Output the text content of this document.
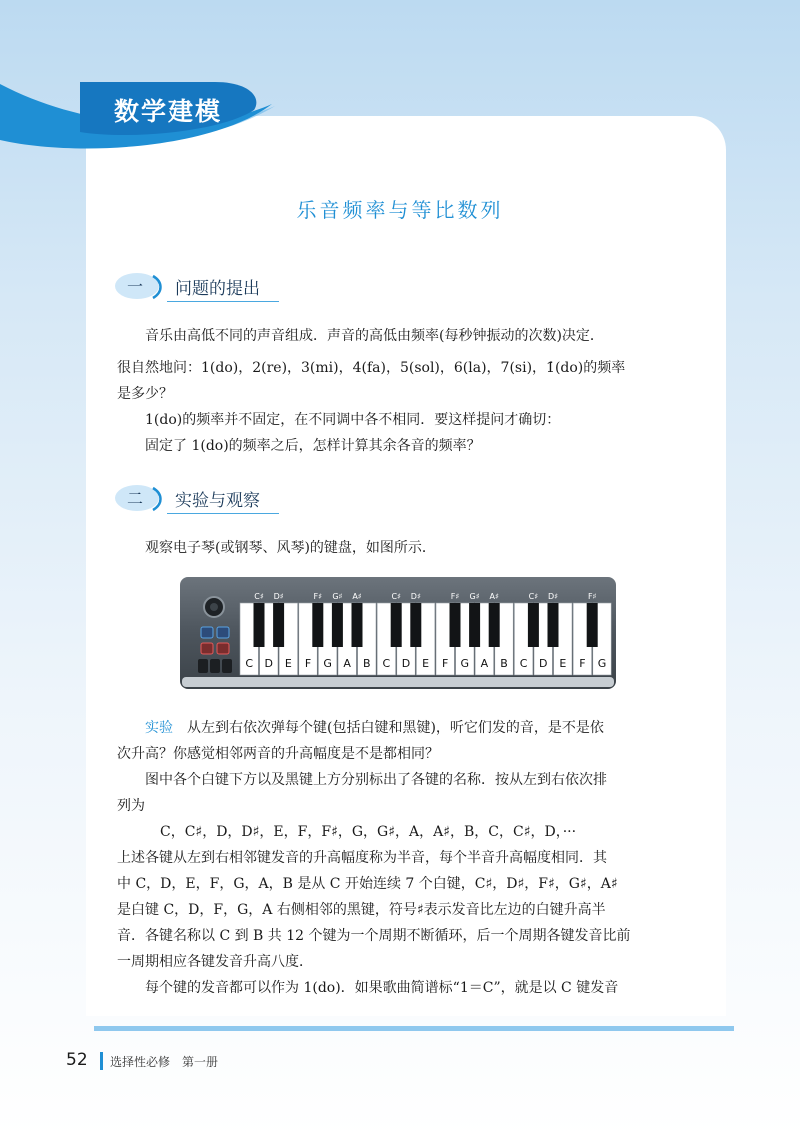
数学建模
乐音频率与等比数列
一	问题的提出

音乐由高低不同的声音组成．声音的高低由频率(每秒钟振动的次数)决定．

很自然地问：1(do)，2(re)，3(mi)，4(fa)，5(sol)，6(la)，7(si)，1̇(do)的频率

是多少？

1(do)的频率并不固定，在不同调中各不相同．要这样提问才确切：

固定了 1(do)的频率之后，怎样计算其余各音的频率？

二	实验与观察

观察电子琴(或钢琴、风琴)的键盘，如图所示．

C D E F G A B C D E F G A B C D E F G
C♯ D♯	F♯ G♯ A♯	C♯ D♯	F♯ G♯ A♯	C♯ D♯	F♯

实验　 从左到右依次弹每个键(包括白键和黑键)，听它们发的音，是不是依

次升高？你感觉相邻两音的升高幅度是不是都相同？

图中各个白键下方以及黑键上方分别标出了各键的名称．按从左到右依次排

列为

C，C♯，D，D♯，E，F，F♯，G，G♯，A，A♯，B，C，C♯，D，···

上述各键从左到右相邻键发音的升高幅度称为半音，每个半音升高幅度相同．其

中 C，D，E，F，G，A，B 是从 C 开始连续 7 个白键，C♯，D♯，F♯，G♯，A♯

是白键 C，D，F，G，A 右侧相邻的黑键，符号♯表示发音比左边的白键升高半

音．各键名称以 C 到 B 共 12 个键为一个周期不断循环，后一个周期各键发音比前

一周期相应各键发音升高八度．

每个键的发音都可以作为 1(do)．如果歌曲简谱标“1＝C”，就是以 C 键发音

52 选择性必修　第一册
